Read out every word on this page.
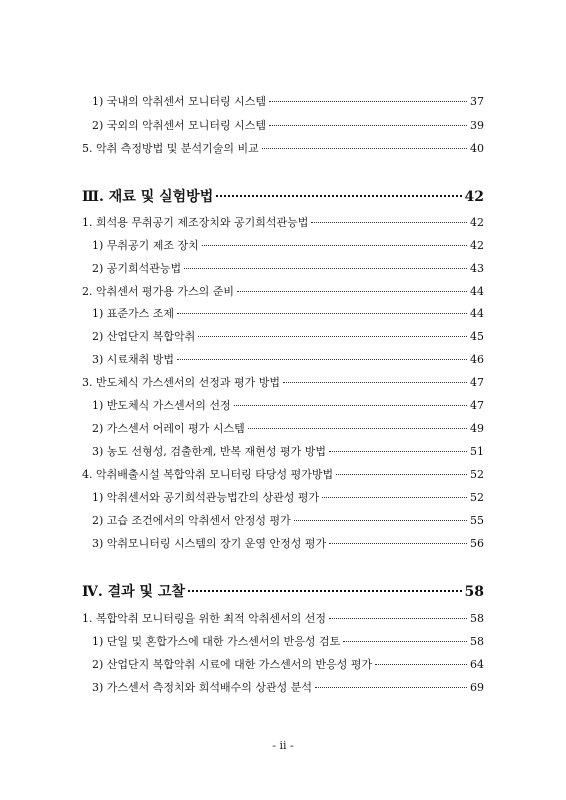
1) 국내의 악취센서 모니터링 시스템	37
2) 국외의 악취센서 모니터링 시스템	39
5. 악취 측정방법 및 분석기술의 비교	40
Ⅲ. 재료 및 실험방법	42
1. 희석용 무취공기 제조장치와 공기희석관능법	42
1) 무취공기 제조 장치	42
2) 공기희석관능법	43
2. 악취센서 평가용 가스의 준비	44
1) 표준가스 조제	44
2) 산업단지 복합악취	45
3) 시료채취 방법	46
3. 반도체식 가스센서의 선정과 평가 방법	47
1) 반도체식 가스센서의 선정	47
2) 가스센서 어레이 평가 시스템	49
3) 농도 선형성, 검출한계, 반복 재현성 평가 방법	51
4. 악취배출시설 복합악취 모니터링 타당성 평가방법	52
1) 악취센서와 공기희석관능법간의 상관성 평가	52
2) 고습 조건에서의 악취센서 안정성 평가	55
3) 악취모니터링 시스템의 장기 운영 안정성 평가	56
Ⅳ. 결과 및 고찰	58
1. 복합악취 모니터링을 위한 최적 악취센서의 선정	58
1) 단일 및 혼합가스에 대한 가스센서의 반응성 검토	58
2) 산업단지 복합악취 시료에 대한 가스센서의 반응성 평가	64
3) 가스센서 측정치와 희석배수의 상관성 분석	69
- ii -
